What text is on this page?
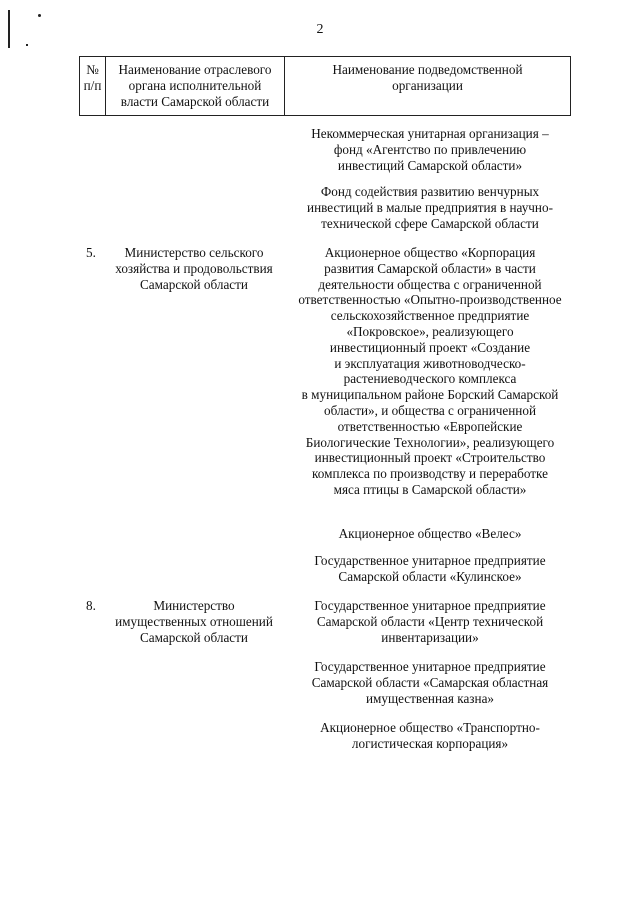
2
№
п/п
Наименование отраслевого
органа исполнительной
власти Самарской области
Наименование подведомственной
организации
Некоммерческая унитарная организация –
фонд «Агентство по привлечению
инвестиций Самарской области»
Фонд содействия развитию венчурных
инвестиций в малые предприятия в научно-
технической сфере Самарской области
5.	Министерство сельского
хозяйства и продовольствия
Самарской области
Акционерное общество «Корпорация
развития Самарской области» в части
деятельности общества с ограниченной
ответственностью «Опытно-производственное
сельскохозяйственное предприятие
«Покровское», реализующего
инвестиционный проект «Создание
и эксплуатация животноводческо-
растениеводческого комплекса
в муниципальном районе Борский Самарской
области», и общества с ограниченной
ответственностью «Европейские
Биологические Технологии», реализующего
инвестиционный проект «Строительство
комплекса по производству и переработке
мяса птицы в Самарской области»
Акционерное общество «Велес»
Государственное унитарное предприятие
Самарской области «Кулинское»
8.	Министерство
имущественных отношений
Самарской области
Государственное унитарное предприятие
Самарской области «Центр технической
инвентаризации»
Государственное унитарное предприятие
Самарской области «Самарская областная
имущественная казна»
Акционерное общество «Транспортно-
логистическая корпорация»
